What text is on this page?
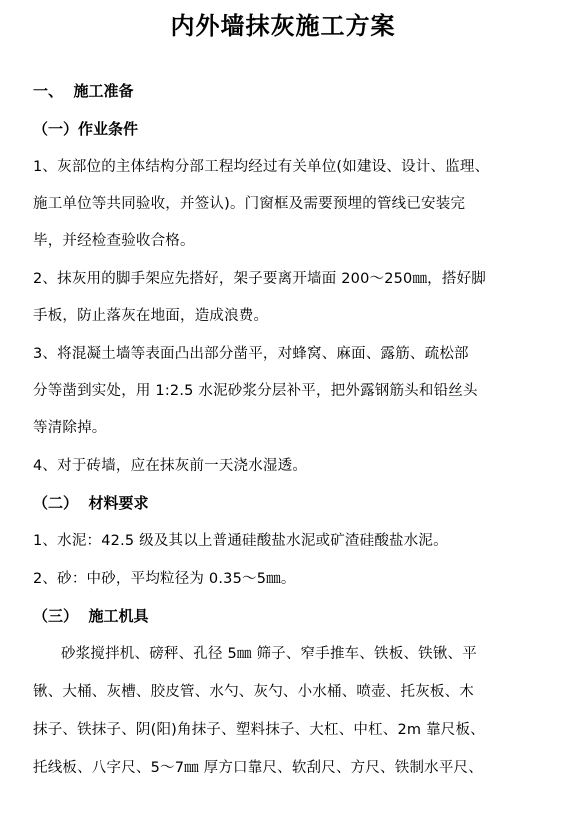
内外墙抹灰施工方案
一、  施工准备
（一）作业条件
1、灰部位的主体结构分部工程均经过有关单位(如建设、设计、监理、
施工单位等共同验收，并签认)。门窗框及需要预埋的管线已安装完
毕，并经检查验收合格。
2、抹灰用的脚手架应先搭好，架子要离开墙面 200～250㎜，搭好脚
手板，防止落灰在地面，造成浪费。
3、将混凝土墙等表面凸出部分凿平，对蜂窝、麻面、露筋、疏松部
分等凿到实处，用 1:2.5 水泥砂浆分层补平，把外露钢筋头和铅丝头
等清除掉。
4、对于砖墙，应在抹灰前一天浇水湿透。
（二）  材料要求
1、水泥：42.5 级及其以上普通硅酸盐水泥或矿渣硅酸盐水泥。
2、砂：中砂，平均粒径为 0.35～5㎜。
（三）  施工机具
砂浆搅拌机、磅秤、孔径 5㎜ 筛子、窄手推车、铁板、铁锹、平
锹、大桶、灰槽、胶皮管、水勺、灰勺、小水桶、喷壶、托灰板、木
抹子、铁抹子、阴(阳)角抹子、塑料抹子、大杠、中杠、2m 靠尺板、
托线板、八字尺、5～7㎜ 厚方口靠尺、软刮尺、方尺、铁制水平尺、
